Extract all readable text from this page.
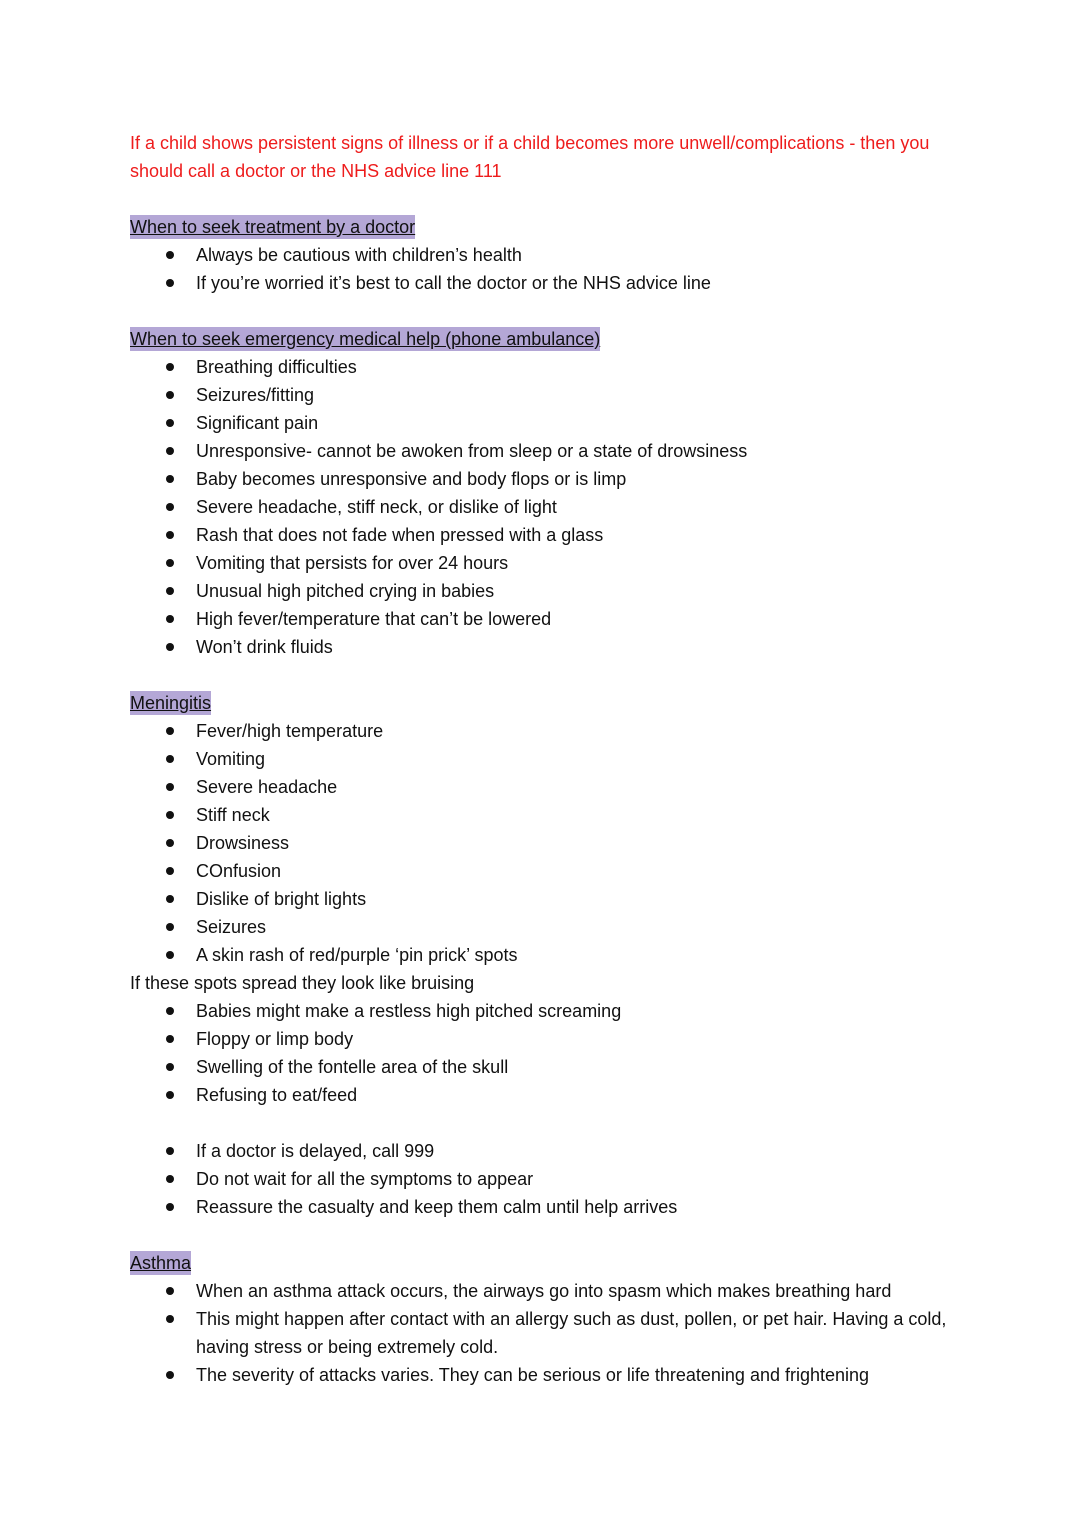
If a child shows persistent signs of illness or if a child becomes more unwell/complications - then you should call a doctor or the NHS advice line 111

When to seek treatment by a doctor
Always be cautious with children’s health
If you’re worried it’s best to call the doctor or the NHS advice line
When to seek emergency medical help (phone ambulance)
Breathing difficulties
Seizures/fitting
Significant pain
Unresponsive- cannot be awoken from sleep or a state of drowsiness
Baby becomes unresponsive and body flops or is limp
Severe headache, stiff neck, or dislike of light
Rash that does not fade when pressed with a glass
Vomiting that persists for over 24 hours
Unusual high pitched crying in babies
High fever/temperature that can’t be lowered
Won’t drink fluids
Meningitis
Fever/high temperature
Vomiting
Severe headache
Stiff neck
Drowsiness
COnfusion
Dislike of bright lights
Seizures
A skin rash of red/purple ‘pin prick’ spots

If these spots spread they look like bruising

Babies might make a restless high pitched screaming
Floppy or limp body
Swelling of the fontelle area of the skull
Refusing to eat/feed
If a doctor is delayed, call 999
Do not wait for all the symptoms to appear
Reassure the casualty and keep them calm until help arrives
Asthma
When an asthma attack occurs, the airways go into spasm which makes breathing hard
This might happen after contact with an allergy such as dust, pollen, or pet hair. Having a cold, having stress or being extremely cold.
The severity of attacks varies. They can be serious or life threatening and frightening
